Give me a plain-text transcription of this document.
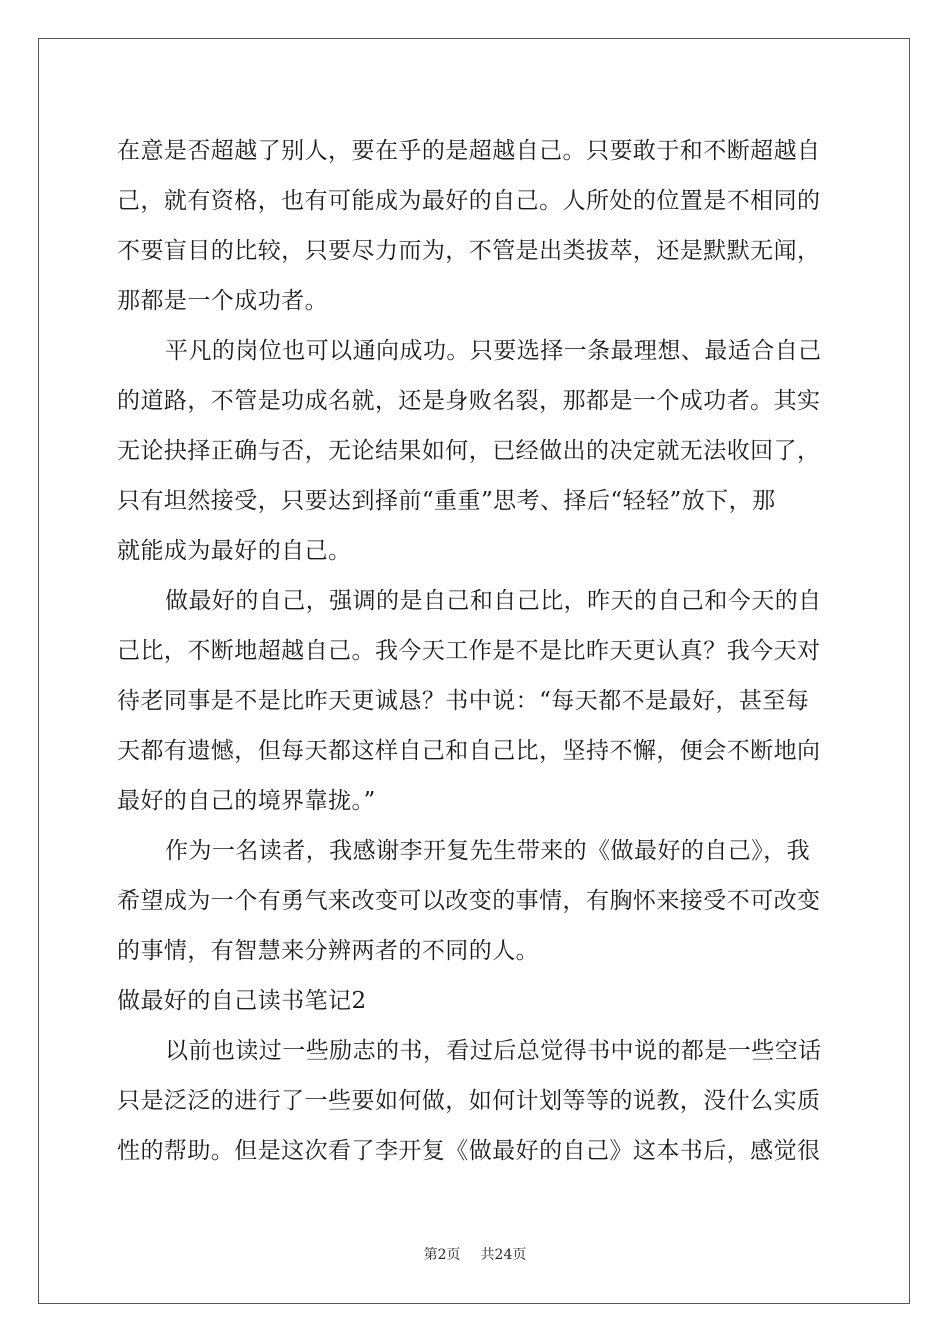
在意是否超越了别人，要在乎的是超越自己。只要敢于和不断超越自
己，就有资格，也有可能成为最好的自己。人所处的位置是不相同的
不要盲目的比较，只要尽力而为，不管是出类拔萃，还是默默无闻，
那都是一个成功者。
平凡的岗位也可以通向成功。只要选择一条最理想、最适合自己
的道路，不管是功成名就，还是身败名裂，那都是一个成功者。其实
无论抉择正确与否，无论结果如何，已经做出的决定就无法收回了，
只有坦然接受，只要达到择前“重重”思考、择后“轻轻”放下，那
就能成为最好的自己。
做最好的自己，强调的是自己和自己比，昨天的自己和今天的自
己比，不断地超越自己。我今天工作是不是比昨天更认真？我今天对
待老同事是不是比昨天更诚恳？书中说：“每天都不是最好，甚至每
天都有遗憾，但每天都这样自己和自己比，坚持不懈，便会不断地向
最好的自己的境界靠拢。”
作为一名读者，我感谢李开复先生带来的《做最好的自己》，我
希望成为一个有勇气来改变可以改变的事情，有胸怀来接受不可改变
的事情，有智慧来分辨两者的不同的人。
做最好的自己读书笔记2
以前也读过一些励志的书，看过后总觉得书中说的都是一些空话
只是泛泛的进行了一些要如何做，如何计划等等的说教，没什么实质
性的帮助。但是这次看了李开复《做最好的自己》这本书后，感觉很
第2页 共24页
